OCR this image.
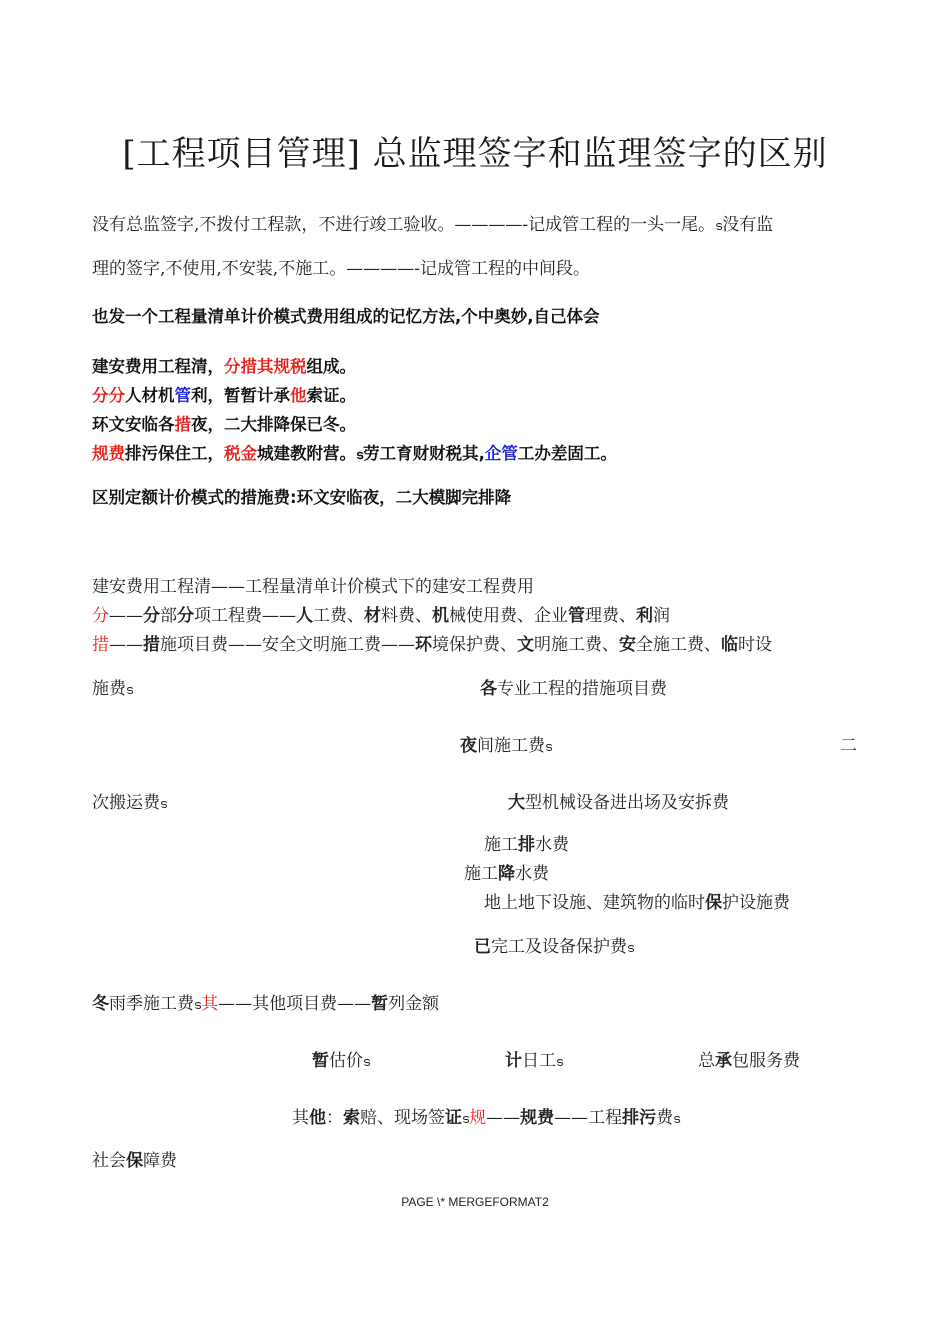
[工程项目管理] 总监理签字和监理签字的区别
没有总监签字,不拨付工程款，不进行竣工验收。————-记成管工程的一头一尾。ട没有监
理的签字,不使用,不安装,不施工。————-记成管工程的中间段。
也发一个工程量清单计价模式费用组成的记忆方法,个中奥妙,自己体会
建安费用工程清，分措其规税组成。
分分人材机管利，暂暂计承他索证。
环文安临各措夜，二大排降保已冬。
规费排污保住工，税金城建教附营。ട劳工育财财税其,企管工办差固工。
区别定额计价模式的措施费:环文安临夜，二大模脚完排降
建安费用工程清——工程量清单计价模式下的建安工程费用
分——分部分项工程费——人工费、材料费、机械使用费、企业管理费、利润
措——措施项目费——安全文明施工费——环境保护费、文明施工费、安全施工费、临时设
施费ട	各专业工程的措施项目费
夜间施工费ട	二
次搬运费ട	大型机械设备进出场及安拆费
施工排水费
施工降水费
地上地下设施、建筑物的临时保护设施费
已完工及设备保护费ട
冬雨季施工费ട其——其他项目费——暂列金额
暂估价ട	计日工ട	总承包服务费
其他：索赔、现场签证ട规——规费——工程排污费ട
社会保障费
PAGE \* MERGEFORMAT2
